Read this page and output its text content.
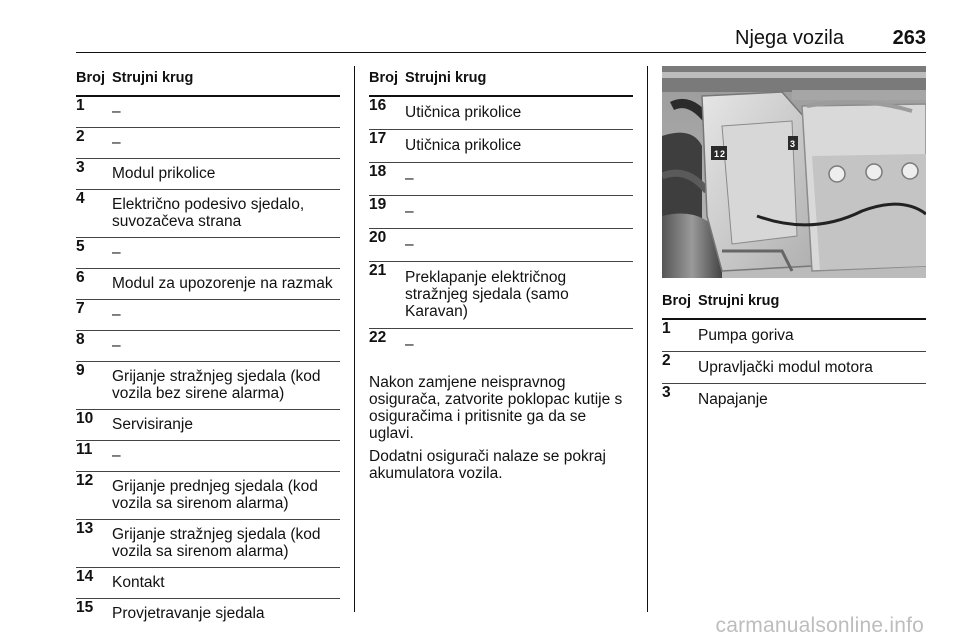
Njega vozila 263
Broj Strujni krug
1 –
2 –
3 Modul prikolice
4 Električno podesivo sjedalo, suvozačeva strana
5 –
6 Modul za upozorenje na razmak
7 –
8 –
9 Grijanje stražnjeg sjedala (kod vozila bez sirene alarma)
10 Servisiranje
11 –
12 Grijanje prednjeg sjedala (kod vozila sa sirenom alarma)
13 Grijanje stražnjeg sjedala (kod vozila sa sirenom alarma)
14 Kontakt
15 Provjetravanje sjedala
Broj Strujni krug
16 Utičnica prikolice
17 Utičnica prikolice
18 –
19 –
20 –
21 Preklapanje električnog stražnjeg sjedala (samo Karavan)
22 –

Nakon zamjene neispravnog osigurača, zatvorite poklopac kutije s osiguračima i pritisnite ga da se uglavi.

Dodatni osigurači nalaze se pokraj akumulatora vozila.

1 2
3
Broj Strujni krug
1 Pumpa goriva
2 Upravljački modul motora
3 Napajanje
carmanualsonline.info
